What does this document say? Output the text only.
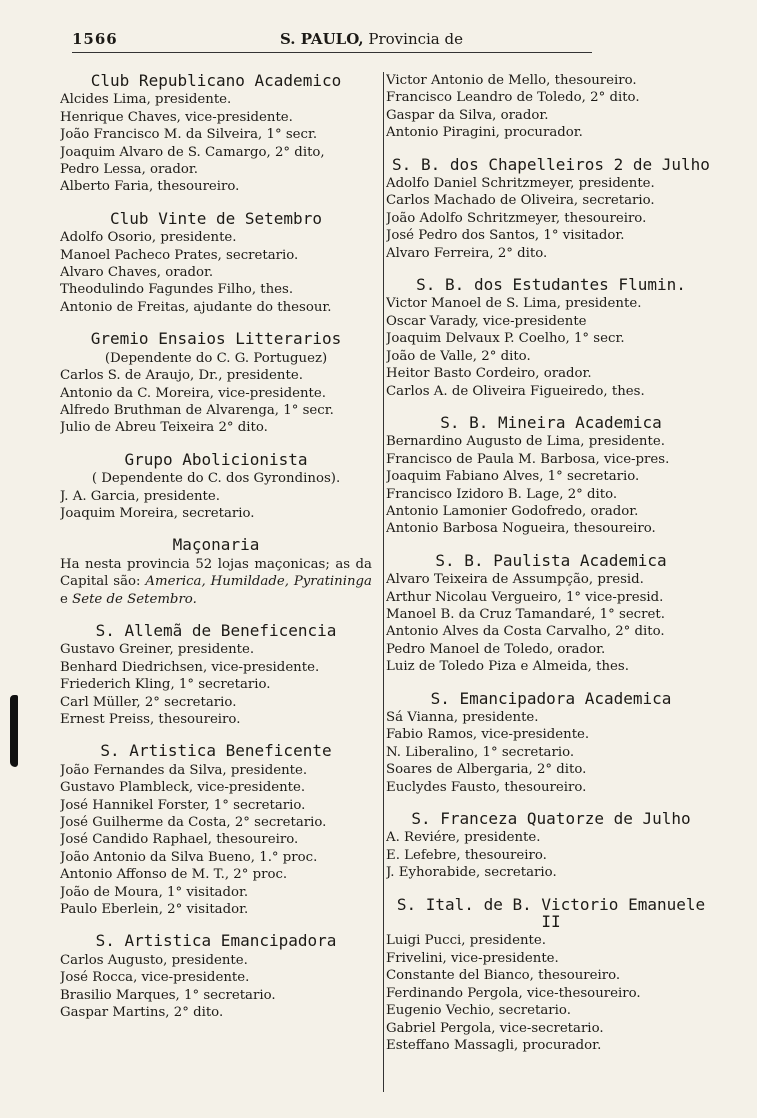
1566	S. PAULO, Provincia de
Club Republicano Academico
Alcides Lima, presidente.
Henrique Chaves, vice-presidente.
João Francisco M. da Silveira, 1° secr.
Joaquim Alvaro de S. Camargo, 2° dito,
Pedro Lessa, orador.
Alberto Faria, thesoureiro.
Club Vinte de Setembro
Adolfo Osorio, presidente.
Manoel Pacheco Prates, secretario.
Alvaro Chaves, orador.
Theodulindo Fagundes Filho, thes.
Antonio de Freitas, ajudante do thesour.
Gremio Ensaios Litterarios
(Dependente do C. G. Portuguez)
Carlos S. de Araujo, Dr., presidente.
Antonio da C. Moreira, vice-presidente.
Alfredo Bruthman de Alvarenga, 1° secr.
Julio de Abreu Teixeira 2° dito.
Grupo Abolicionista
( Dependente do C. dos Gyrondinos).
J. A. Garcia, presidente.
Joaquim Moreira, secretario.
Maçonaria
Ha nesta provincia 52 lojas maçonicas; as da Capital são: America, Humildade, Pyratininga e Sete de Setembro.
S. Allemã de Beneficencia
Gustavo Greiner, presidente.
Benhard Diedrichsen, vice-presidente.
Friederich Kling, 1° secretario.
Carl Müller, 2° secretario.
Ernest Preiss, thesoureiro.
S. Artistica Beneficente
João Fernandes da Silva, presidente.
Gustavo Plambleck, vice-presidente.
José Hannikel Forster, 1° secretario.
José Guilherme da Costa, 2° secretario.
José Candido Raphael, thesoureiro.
João Antonio da Silva Bueno, 1.° proc.
Antonio Affonso de M. T., 2° proc.
João de Moura, 1° visitador.
Paulo Eberlein, 2° visitador.
S. Artistica Emancipadora
Carlos Augusto, presidente.
José Rocca, vice-presidente.
Brasilio Marques, 1° secretario.
Gaspar Martins, 2° dito.
Victor Antonio de Mello, thesoureiro.
Francisco Leandro de Toledo, 2° dito.
Gaspar da Silva, orador.
Antonio Piragini, procurador.
S. B. dos Chapelleiros 2 de Julho
Adolfo Daniel Schritzmeyer, presidente.
Carlos Machado de Oliveira, secretario.
João Adolfo Schritzmeyer, thesoureiro.
José Pedro dos Santos, 1° visitador.
Alvaro Ferreira, 2° dito.
S. B. dos Estudantes Flumin.
Victor Manoel de S. Lima, presidente.
Oscar Varady, vice-presidente
Joaquim Delvaux P. Coelho, 1° secr.
João de Valle, 2° dito.
Heitor Basto Cordeiro, orador.
Carlos A. de Oliveira Figueiredo, thes.
S. B. Mineira Academica
Bernardino Augusto de Lima, presidente.
Francisco de Paula M. Barbosa, vice-pres.
Joaquim Fabiano Alves, 1° secretario.
Francisco Izidoro B. Lage, 2° dito.
Antonio Lamonier Godofredo, orador.
Antonio Barbosa Nogueira, thesoureiro.
S. B. Paulista Academica
Alvaro Teixeira de Assumpção, presid.
Arthur Nicolau Vergueiro, 1° vice-presid.
Manoel B. da Cruz Tamandaré, 1° secret.
Antonio Alves da Costa Carvalho, 2° dito.
Pedro Manoel de Toledo, orador.
Luiz de Toledo Piza e Almeida, thes.
S. Emancipadora Academica
Sá Vianna, presidente.
Fabio Ramos, vice-presidente.
N. Liberalino, 1° secretario.
Soares de Albergaria, 2° dito.
Euclydes Fausto, thesoureiro.
S. Franceza Quatorze de Julho
A. Reviére, presidente.
E. Lefebre, thesoureiro.
J. Eyhorabide, secretario.
S. Ital. de B. Victorio Emanuele II
Luigi Pucci, presidente.
Frivelini, vice-presidente.
Constante del Bianco, thesoureiro.
Ferdinando Pergola, vice-thesoureiro.
Eugenio Vechio, secretario.
Gabriel Pergola, vice-secretario.
Esteffano Massagli, procurador.
